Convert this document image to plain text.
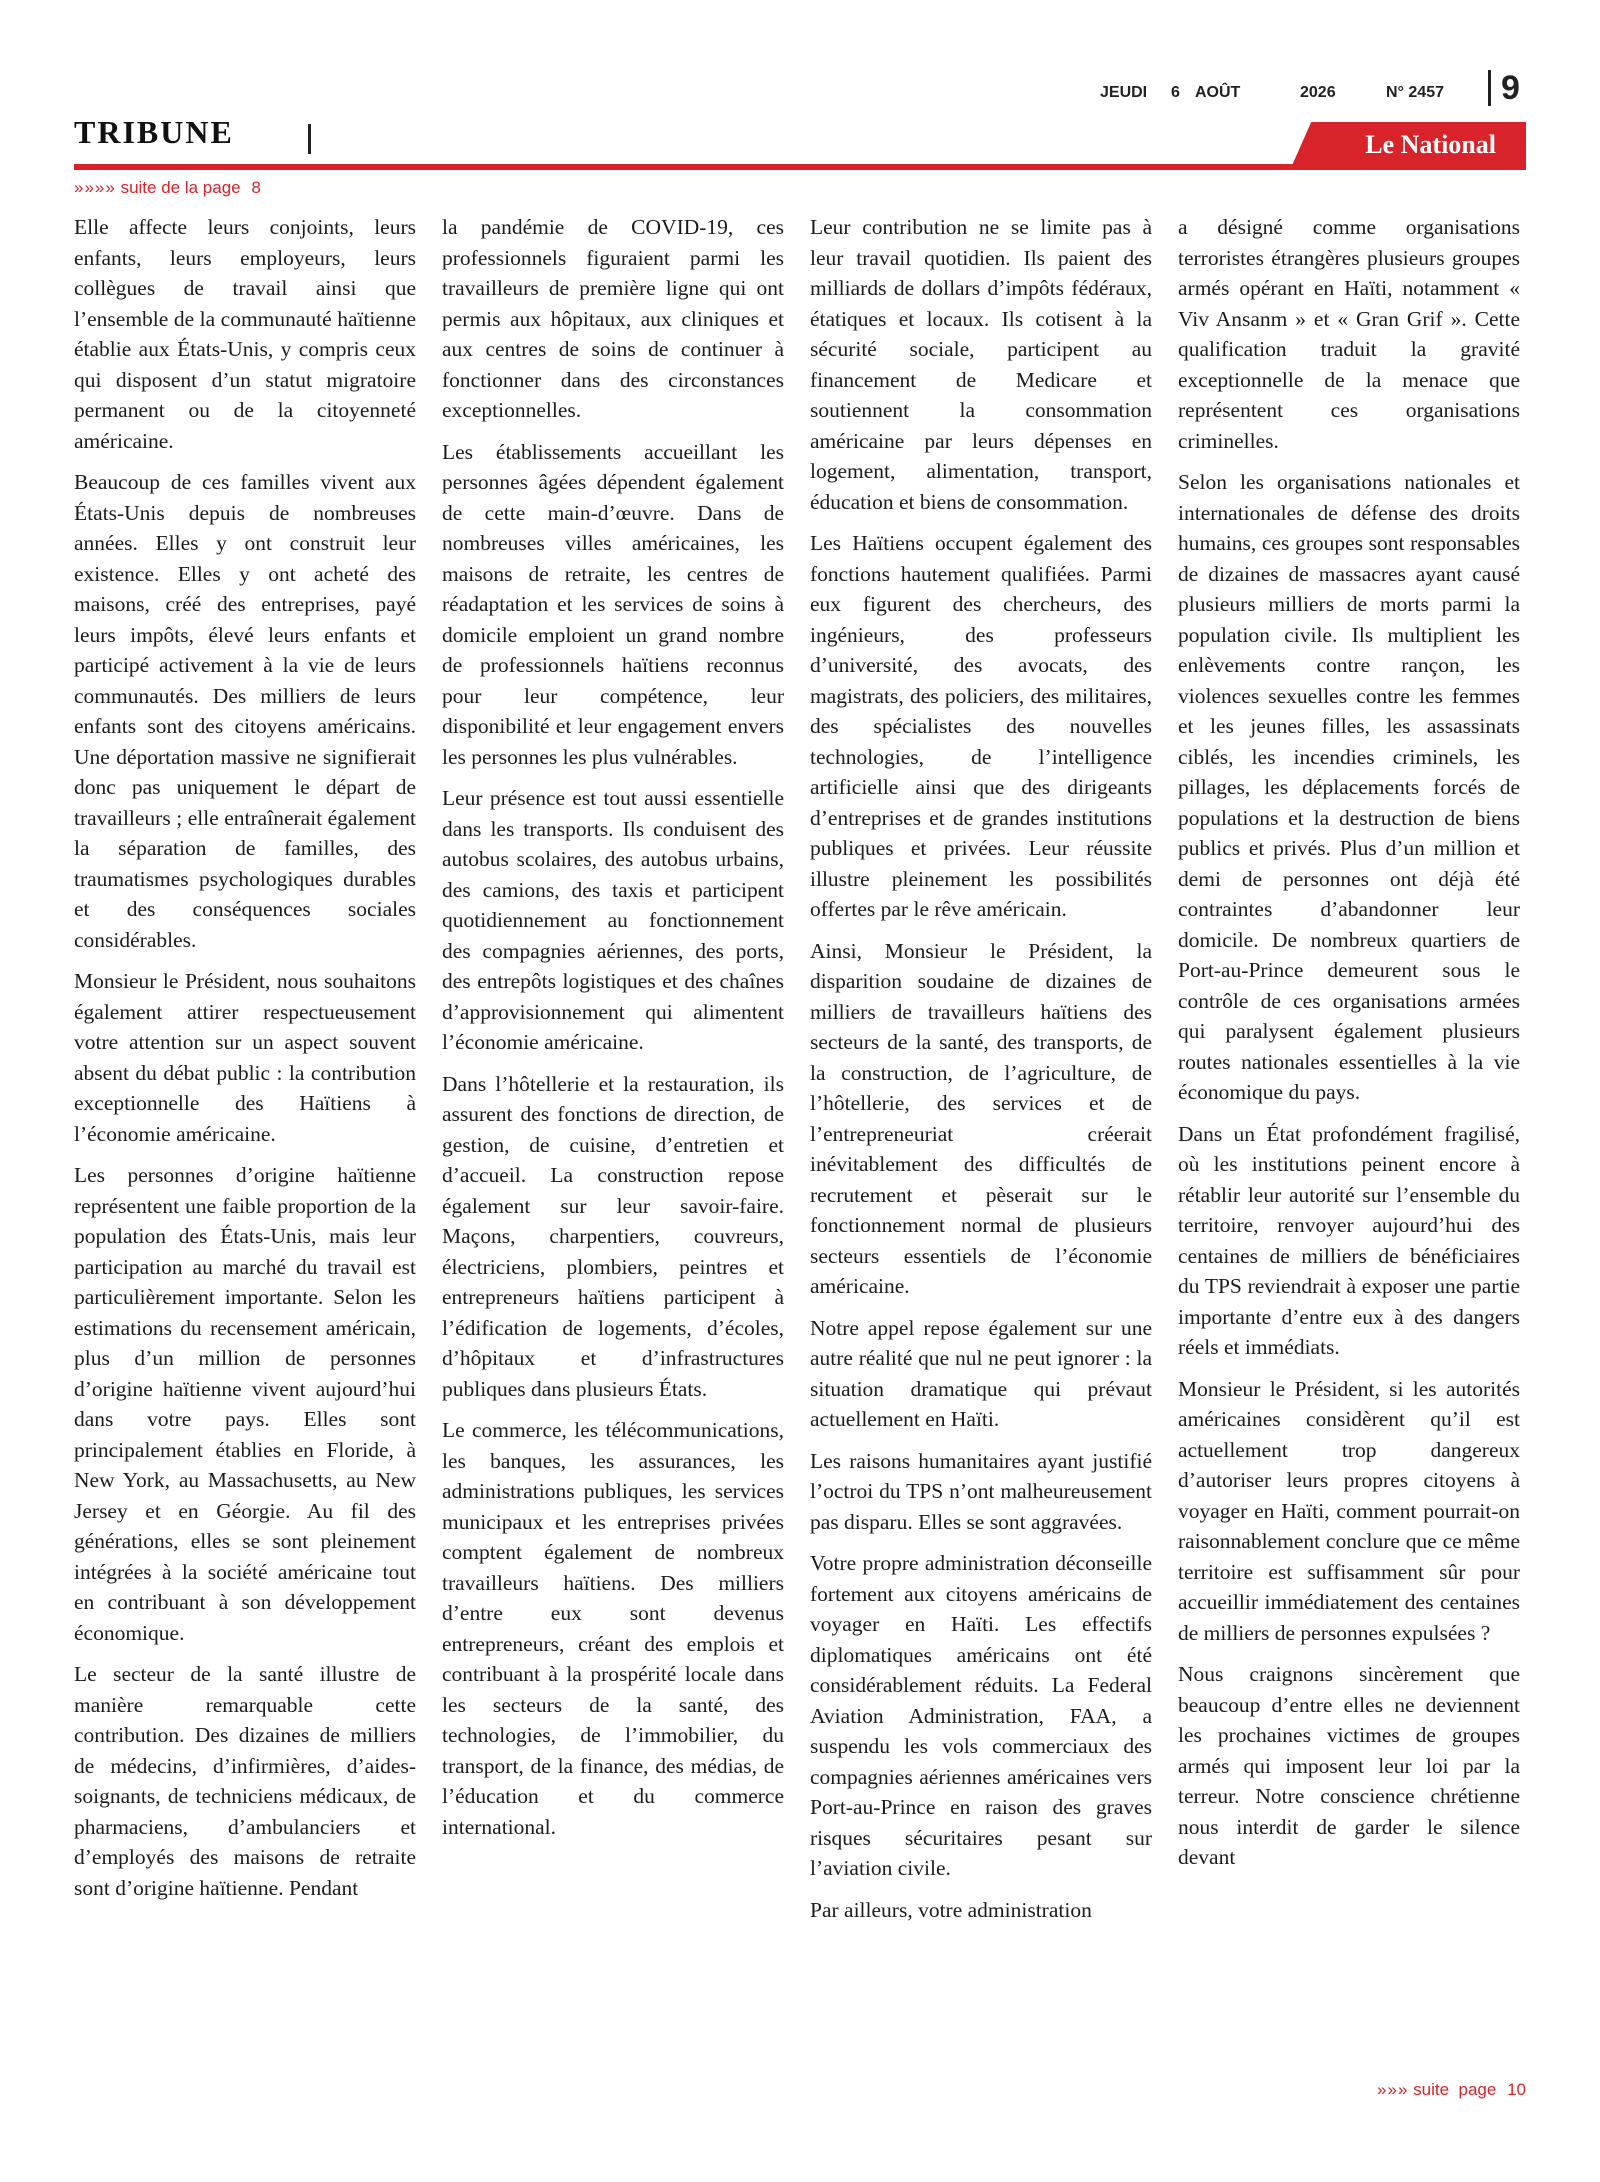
JEUDI 6 AOÛT	2026	N° 2457	9
TRIBUNE	Le National
»»»» suite de la page 8

Elle affecte leurs conjoints, leurs enfants, leurs employeurs, leurs collègues de travail ainsi que l’ensemble de la communauté haïtienne établie aux États-Unis, y compris ceux qui disposent d’un statut migratoire permanent ou de la citoyenneté américaine.

Beaucoup de ces familles vivent aux États-Unis depuis de nombreuses années. Elles y ont construit leur existence. Elles y ont acheté des maisons, créé des entreprises, payé leurs impôts, élevé leurs enfants et participé activement à la vie de leurs communautés. Des milliers de leurs enfants sont des citoyens américains. Une déportation massive ne signifierait donc pas uniquement le départ de travailleurs ; elle entraînerait également la séparation de familles, des traumatismes psychologiques durables et des conséquences sociales considérables.

Monsieur le Président, nous souhaitons également attirer respectueusement votre attention sur un aspect souvent absent du débat public : la contribution exceptionnelle des Haïtiens à l’économie américaine.

Les personnes d’origine haïtienne représentent une faible proportion de la population des États-Unis, mais leur participation au marché du travail est particulièrement importante. Selon les estimations du recensement américain, plus d’un million de personnes d’origine haïtienne vivent aujourd’hui dans votre pays. Elles sont principalement établies en Floride, à New York, au Massachusetts, au New Jersey et en Géorgie. Au fil des générations, elles se sont pleinement intégrées à la société américaine tout en contribuant à son développement économique.

Le secteur de la santé illustre de manière remarquable cette contribution. Des dizaines de milliers de médecins, d’infirmières, d’aides-soignants, de techniciens médicaux, de pharmaciens, d’ambulanciers et d’employés des maisons de retraite sont d’origine haïtienne. Pendant

la pandémie de COVID-19, ces professionnels figuraient parmi les travailleurs de première ligne qui ont permis aux hôpitaux, aux cliniques et aux centres de soins de continuer à fonctionner dans des circonstances exceptionnelles.

Les établissements accueillant les personnes âgées dépendent également de cette main-d’œuvre. Dans de nombreuses villes américaines, les maisons de retraite, les centres de réadaptation et les services de soins à domicile emploient un grand nombre de professionnels haïtiens reconnus pour leur compétence, leur disponibilité et leur engagement envers les personnes les plus vulnérables.

Leur présence est tout aussi essentielle dans les transports. Ils conduisent des autobus scolaires, des autobus urbains, des camions, des taxis et participent quotidiennement au fonctionnement des compagnies aériennes, des ports, des entrepôts logistiques et des chaînes d’approvisionnement qui alimentent l’économie américaine.

Dans l’hôtellerie et la restauration, ils assurent des fonctions de direction, de gestion, de cuisine, d’entretien et d’accueil. La construction repose également sur leur savoir-faire. Maçons, charpentiers, couvreurs, électriciens, plombiers, peintres et entrepreneurs haïtiens participent à l’édification de logements, d’écoles, d’hôpitaux et d’infrastructures publiques dans plusieurs États.

Le commerce, les télécommunications, les banques, les assurances, les administrations publiques, les services municipaux et les entreprises privées comptent également de nombreux travailleurs haïtiens. Des milliers d’entre eux sont devenus entrepreneurs, créant des emplois et contribuant à la prospérité locale dans les secteurs de la santé, des technologies, de l’immobilier, du transport, de la finance, des médias, de l’éducation et du commerce international.

Leur contribution ne se limite pas à leur travail quotidien. Ils paient des milliards de dollars d’impôts fédéraux, étatiques et locaux. Ils cotisent à la sécurité sociale, participent au financement de Medicare et soutiennent la consommation américaine par leurs dépenses en logement, alimentation, transport, éducation et biens de consommation.

Les Haïtiens occupent également des fonctions hautement qualifiées. Parmi eux figurent des chercheurs, des ingénieurs, des professeurs d’université, des avocats, des magistrats, des policiers, des militaires, des spécialistes des nouvelles technologies, de l’intelligence artificielle ainsi que des dirigeants d’entreprises et de grandes institutions publiques et privées. Leur réussite illustre pleinement les possibilités offertes par le rêve américain.

Ainsi, Monsieur le Président, la disparition soudaine de dizaines de milliers de travailleurs haïtiens des secteurs de la santé, des transports, de la construction, de l’agriculture, de l’hôtellerie, des services et de l’entrepreneuriat créerait inévitablement des difficultés de recrutement et pèserait sur le fonctionnement normal de plusieurs secteurs essentiels de l’économie américaine.

Notre appel repose également sur une autre réalité que nul ne peut ignorer : la situation dramatique qui prévaut actuellement en Haïti.

Les raisons humanitaires ayant justifié l’octroi du TPS n’ont malheureusement pas disparu. Elles se sont aggravées.

Votre propre administration déconseille fortement aux citoyens américains de voyager en Haïti. Les effectifs diplomatiques américains ont été considérablement réduits. La Federal Aviation Administration, FAA, a suspendu les vols commerciaux des compagnies aériennes américaines vers Port-au-Prince en raison des graves risques sécuritaires pesant sur l’aviation civile.

Par ailleurs, votre administration

a désigné comme organisations terroristes étrangères plusieurs groupes armés opérant en Haïti, notamment « Viv Ansanm » et « Gran Grif ». Cette qualification traduit la gravité exceptionnelle de la menace que représentent ces organisations criminelles.

Selon les organisations nationales et internationales de défense des droits humains, ces groupes sont responsables de dizaines de massacres ayant causé plusieurs milliers de morts parmi la population civile. Ils multiplient les enlèvements contre rançon, les violences sexuelles contre les femmes et les jeunes filles, les assassinats ciblés, les incendies criminels, les pillages, les déplacements forcés de populations et la destruction de biens publics et privés. Plus d’un million et demi de personnes ont déjà été contraintes d’abandonner leur domicile. De nombreux quartiers de Port-au-Prince demeurent sous le contrôle de ces organisations armées qui paralysent également plusieurs routes nationales essentielles à la vie économique du pays.

Dans un État profondément fragilisé, où les institutions peinent encore à rétablir leur autorité sur l’ensemble du territoire, renvoyer aujourd’hui des centaines de milliers de bénéficiaires du TPS reviendrait à exposer une partie importante d’entre eux à des dangers réels et immédiats.

Monsieur le Président, si les autorités américaines considèrent qu’il est actuellement trop dangereux d’autoriser leurs propres citoyens à voyager en Haïti, comment pourrait-on raisonnablement conclure que ce même territoire est suffisamment sûr pour accueillir immédiatement des centaines de milliers de personnes expulsées ?

Nous craignons sincèrement que beaucoup d’entre elles ne deviennent les prochaines victimes de groupes armés qui imposent leur loi par la terreur. Notre conscience chrétienne nous interdit de garder le silence devant

»»» suite  page 10
